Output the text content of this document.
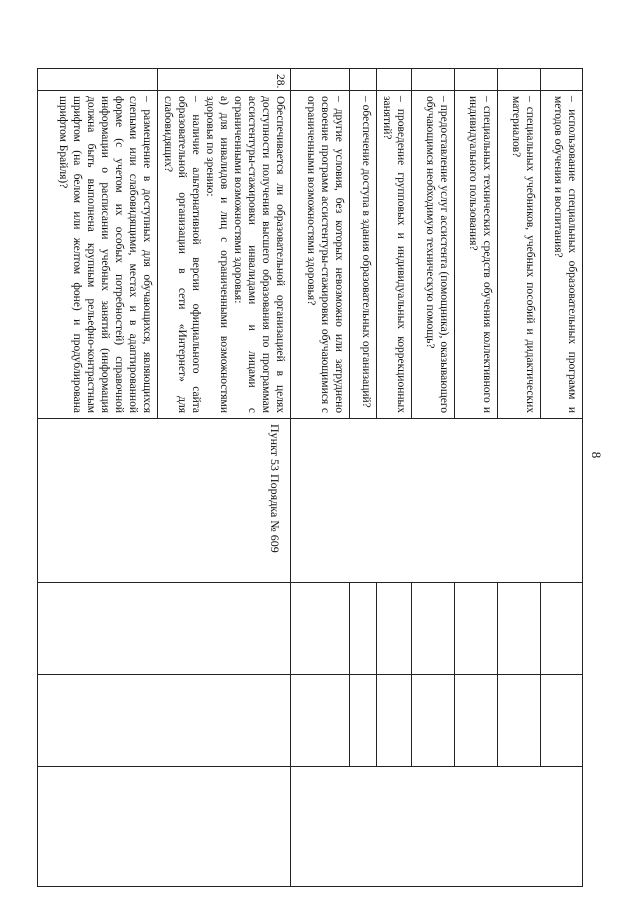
8
	– использование специальных образовательных программ и методов обучения и воспитания?				
	– специальных учебников, учебных пособий и дидактических материалов?				
	– специальных технических средств обучения коллективного и индивидуального пользования?				
	– предоставление услуг ассистента (помощника), оказывающего обучающимся необходимую техническую помощь?				
	– проведение групповых и индивидуальных коррекционных занятий?				
	– обеспечение доступа в здания образовательных организаций?				
	– другие условия, без которых невозможно или затруднено освоение программ ассистентуры-стажировки обучающимися с ограниченными возможностями здоровья?				
28.	Обеспечивается ли образовательной организацией в целях доступности получения высшего образования по программам ассистентуры-стажировки инвалидами и лицами с ограниченными возможностями здоровья:
а) для инвалидов и лиц с ограниченными возможностями здоровья по зрению:
– наличие альтернативной версии официального сайта образовательной организации в сети «Интернет» для слабовидящих?	Пункт 53 Порядка № 609			
	– размещение в доступных для обучающихся, являющихся слепыми или слабовидящими, местах и в адаптированной форме (с учетом их особых потребностей) справочной информации о расписании учебных занятий (информация должна быть выполнена крупным рельефно-контрастным шрифтом (на белом или желтом фоне) и продублирована шрифтом Брайля)?				
